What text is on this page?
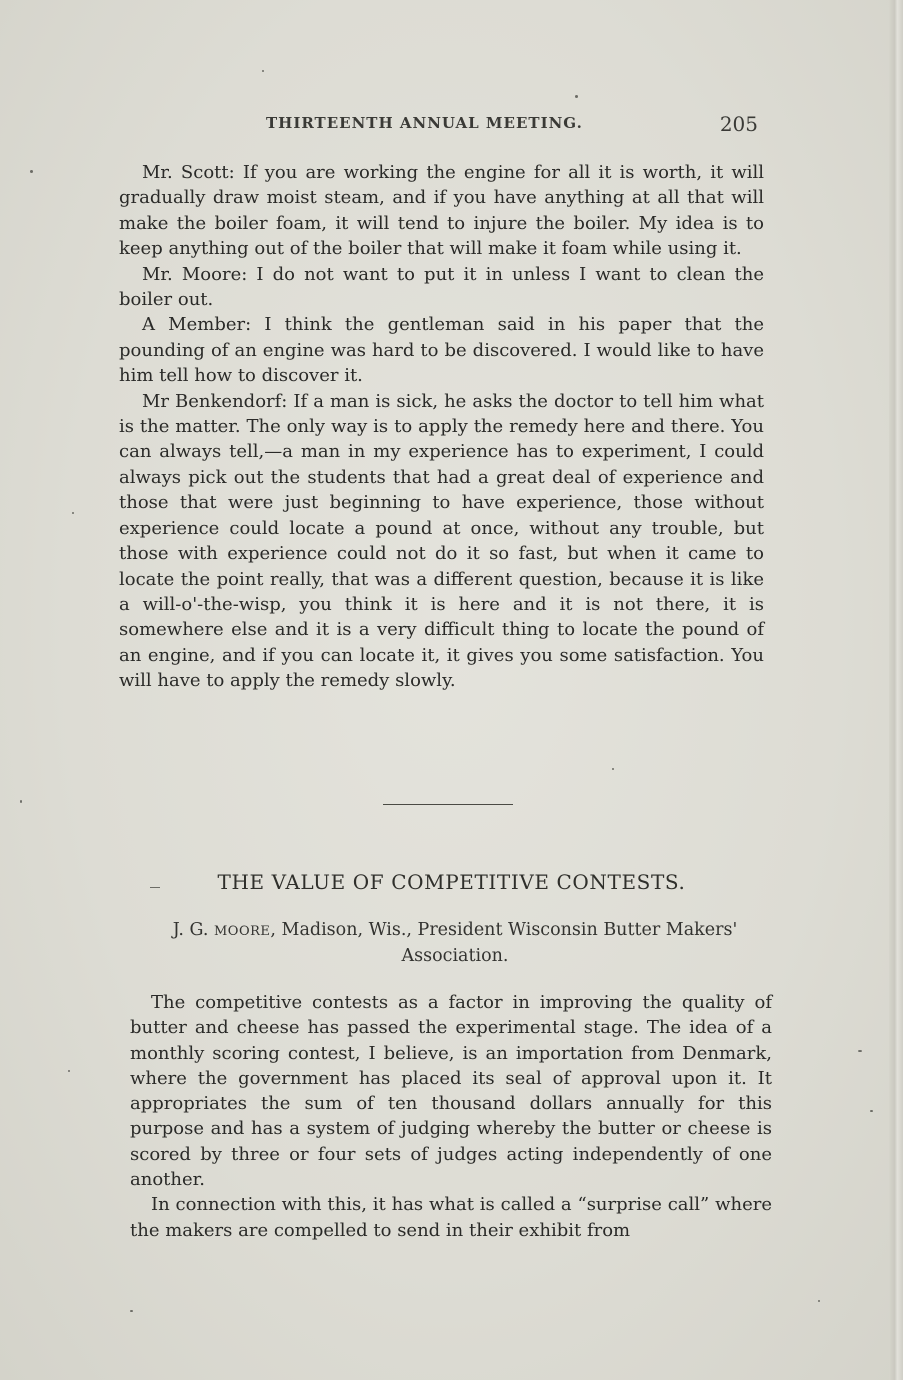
THIRTEENTH ANNUAL MEETING.	205

Mr. Scott: If you are working the engine for all it is worth, it will gradually draw moist steam, and if you have anything at all that will make the boiler foam, it will tend to injure the boiler. My idea is to keep anything out of the boiler that will make it foam while using it.

Mr. Moore: I do not want to put it in unless I want to clean the boiler out.

A Member: I think the gentleman said in his paper that the pounding of an engine was hard to be discovered. I would like to have him tell how to discover it.

Mr Benkendorf: If a man is sick, he asks the doctor to tell him what is the matter. The only way is to apply the remedy here and there. You can always tell,—a man in my experience has to experiment, I could always pick out the students that had a great deal of experience and those that were just beginning to have experience, those without experience could locate a pound at once, without any trouble, but those with experience could not do it so fast, but when it came to locate the point really, that was a different question, because it is like a will-o'-the-wisp, you think it is here and it is not there, it is somewhere else and it is a very difficult thing to locate the pound of an engine, and if you can locate it, it gives you some satisfaction. You will have to apply the remedy slowly.

THE VALUE OF COMPETITIVE CONTESTS.
J. G. MOORE, Madison, Wis., President Wisconsin Butter Makers' Association.

The competitive contests as a factor in improving the quality of butter and cheese has passed the experimental stage. The idea of a monthly scoring contest, I believe, is an importation from Denmark, where the government has placed its seal of approval upon it. It appropriates the sum of ten thousand dollars annually for this purpose and has a system of judging whereby the butter or cheese is scored by three or four sets of judges acting independently of one another.

In connection with this, it has what is called a “surprise call” where the makers are compelled to send in their exhibit from
